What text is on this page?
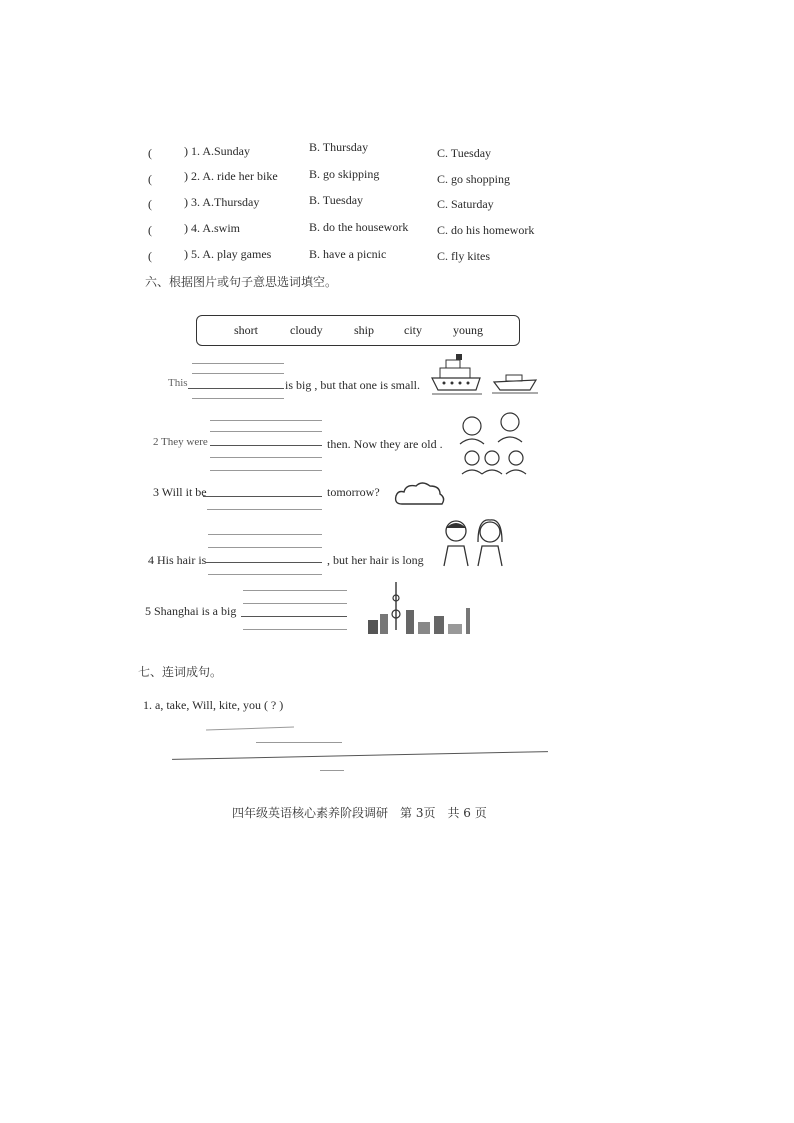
(	) 1. A.Sunday	B. Thursday	C. Tuesday
(	) 2. A. ride her bike	B. go skipping	C. go shopping
(	) 3. A.Thursday	B. Tuesday	C. Saturday
(	) 4. A.swim	B. do the housework C. do his homework
(	) 5. A. play games	B. have a picnic	C. fly kites
六、根据图片或句子意思选词填空。
short	cloudy	ship city	young
This	is big , but that one is small.
2 They were	then. Now they are old .
3 Will it be	tomorrow?
4 His hair is	, but her hair is long
5 Shanghai is a big
七、连词成句。
1. a, take, Will, kite, you ( ? )
四年级英语核心素养阶段调研　第 3页　共 6 页
